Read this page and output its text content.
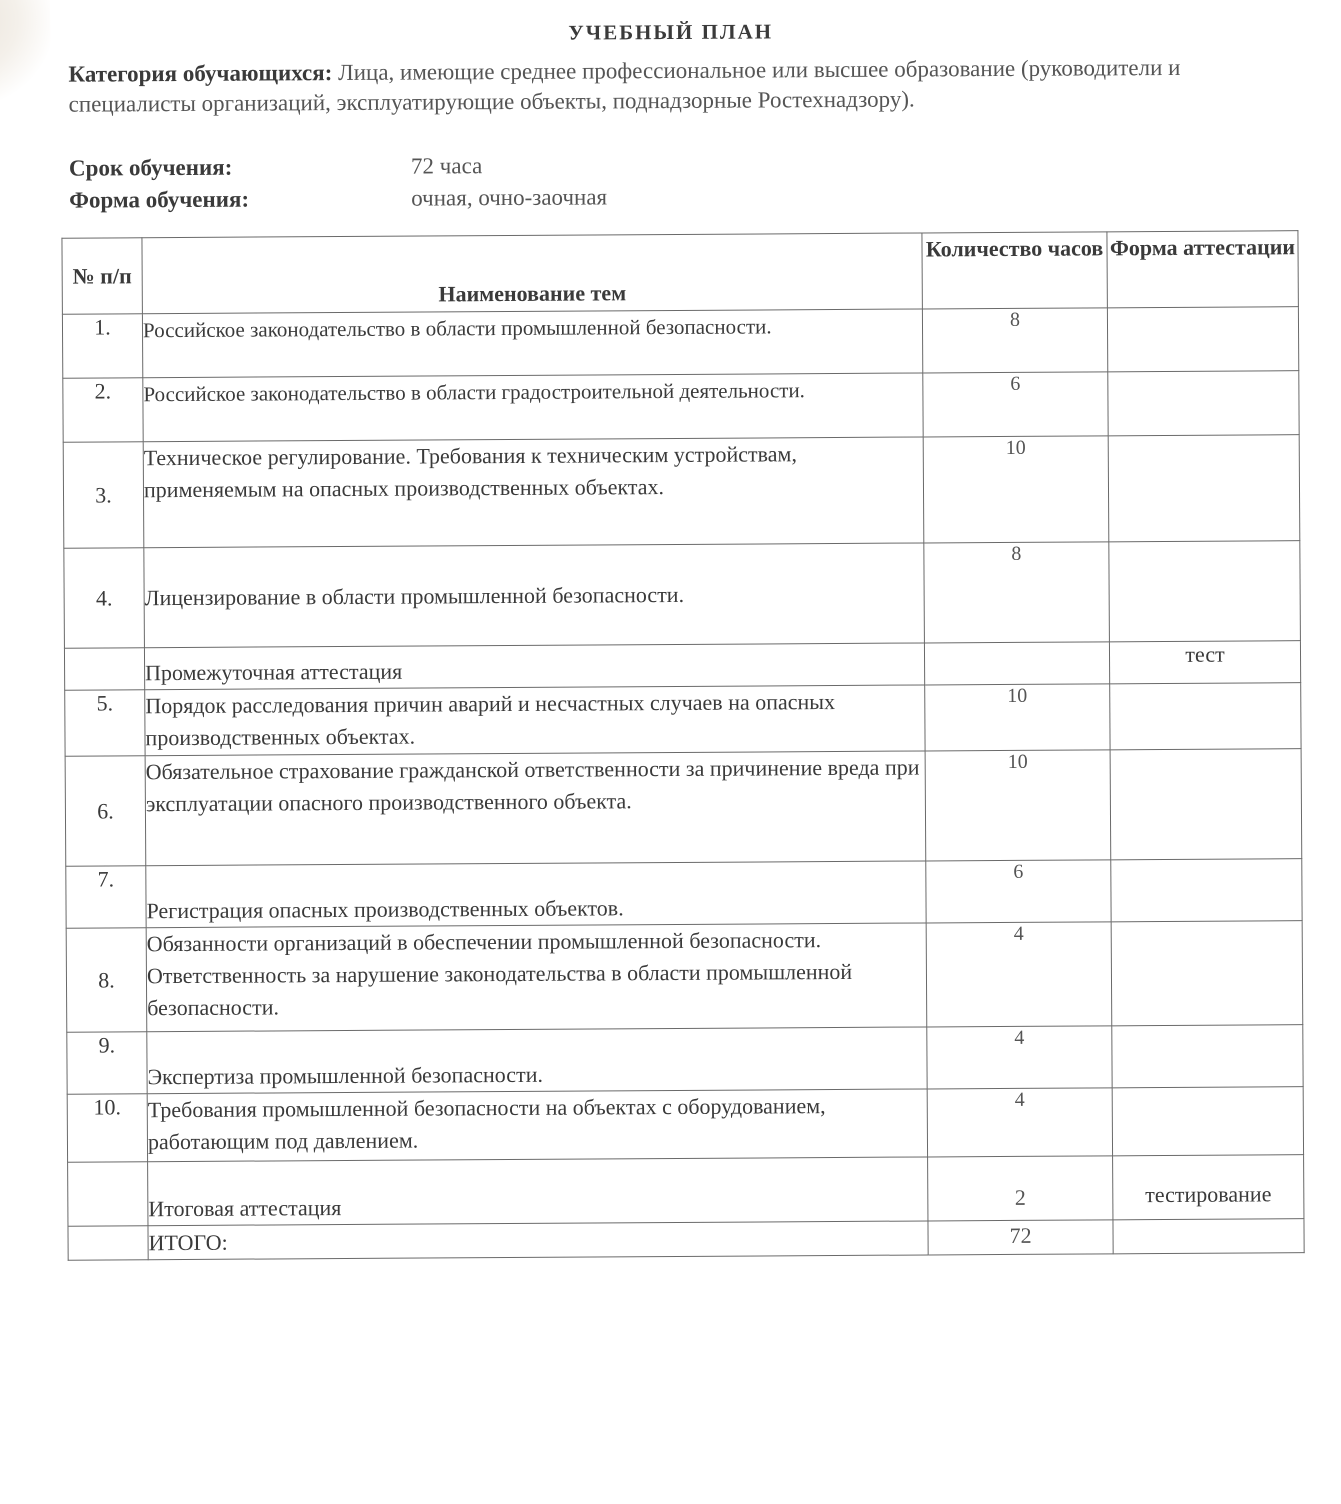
УЧЕБНЫЙ ПЛАН
Категория обучающихся: Лица, имеющие среднее профессиональное или высшее образование (руководители и специалисты организаций, эксплуатирующие объекты, поднадзорные Ростехнадзору).
Срок обучения:	72 часа
Форма обучения:	очная, очно-заочная
№ п/п	Наименование тем	Количество часов	Форма аттестации
1.	Российское законодательство в области промышленной безопасности.	8	
2.	Российское законодательство в области градостроительной деятельности.	6	
3.	Техническое регулирование. Требования к техническим устройствам, применяемым на опасных производственных объектах.	10	
4.	Лицензирование в области промышленной безопасности.	8	
	Промежуточная аттестация		тест
5.	Порядок расследования причин аварий и несчастных случаев на опасных производственных объектах.	10	
6.	Обязательное страхование гражданской ответственности за причинение вреда при эксплуатации опасного производственного объекта.	10	
7.	Регистрация опасных производственных объектов.	6	
8.	Обязанности организаций в обеспечении промышленной безопасности. Ответственность за нарушение законодательства в области промышленной безопасности.	4	
9.	Экспертиза промышленной безопасности.	4	
10.	Требования промышленной безопасности на объектах с оборудованием, работающим под давлением.	4	
	Итоговая аттестация	2	тестирование
	ИТОГО:	72	
